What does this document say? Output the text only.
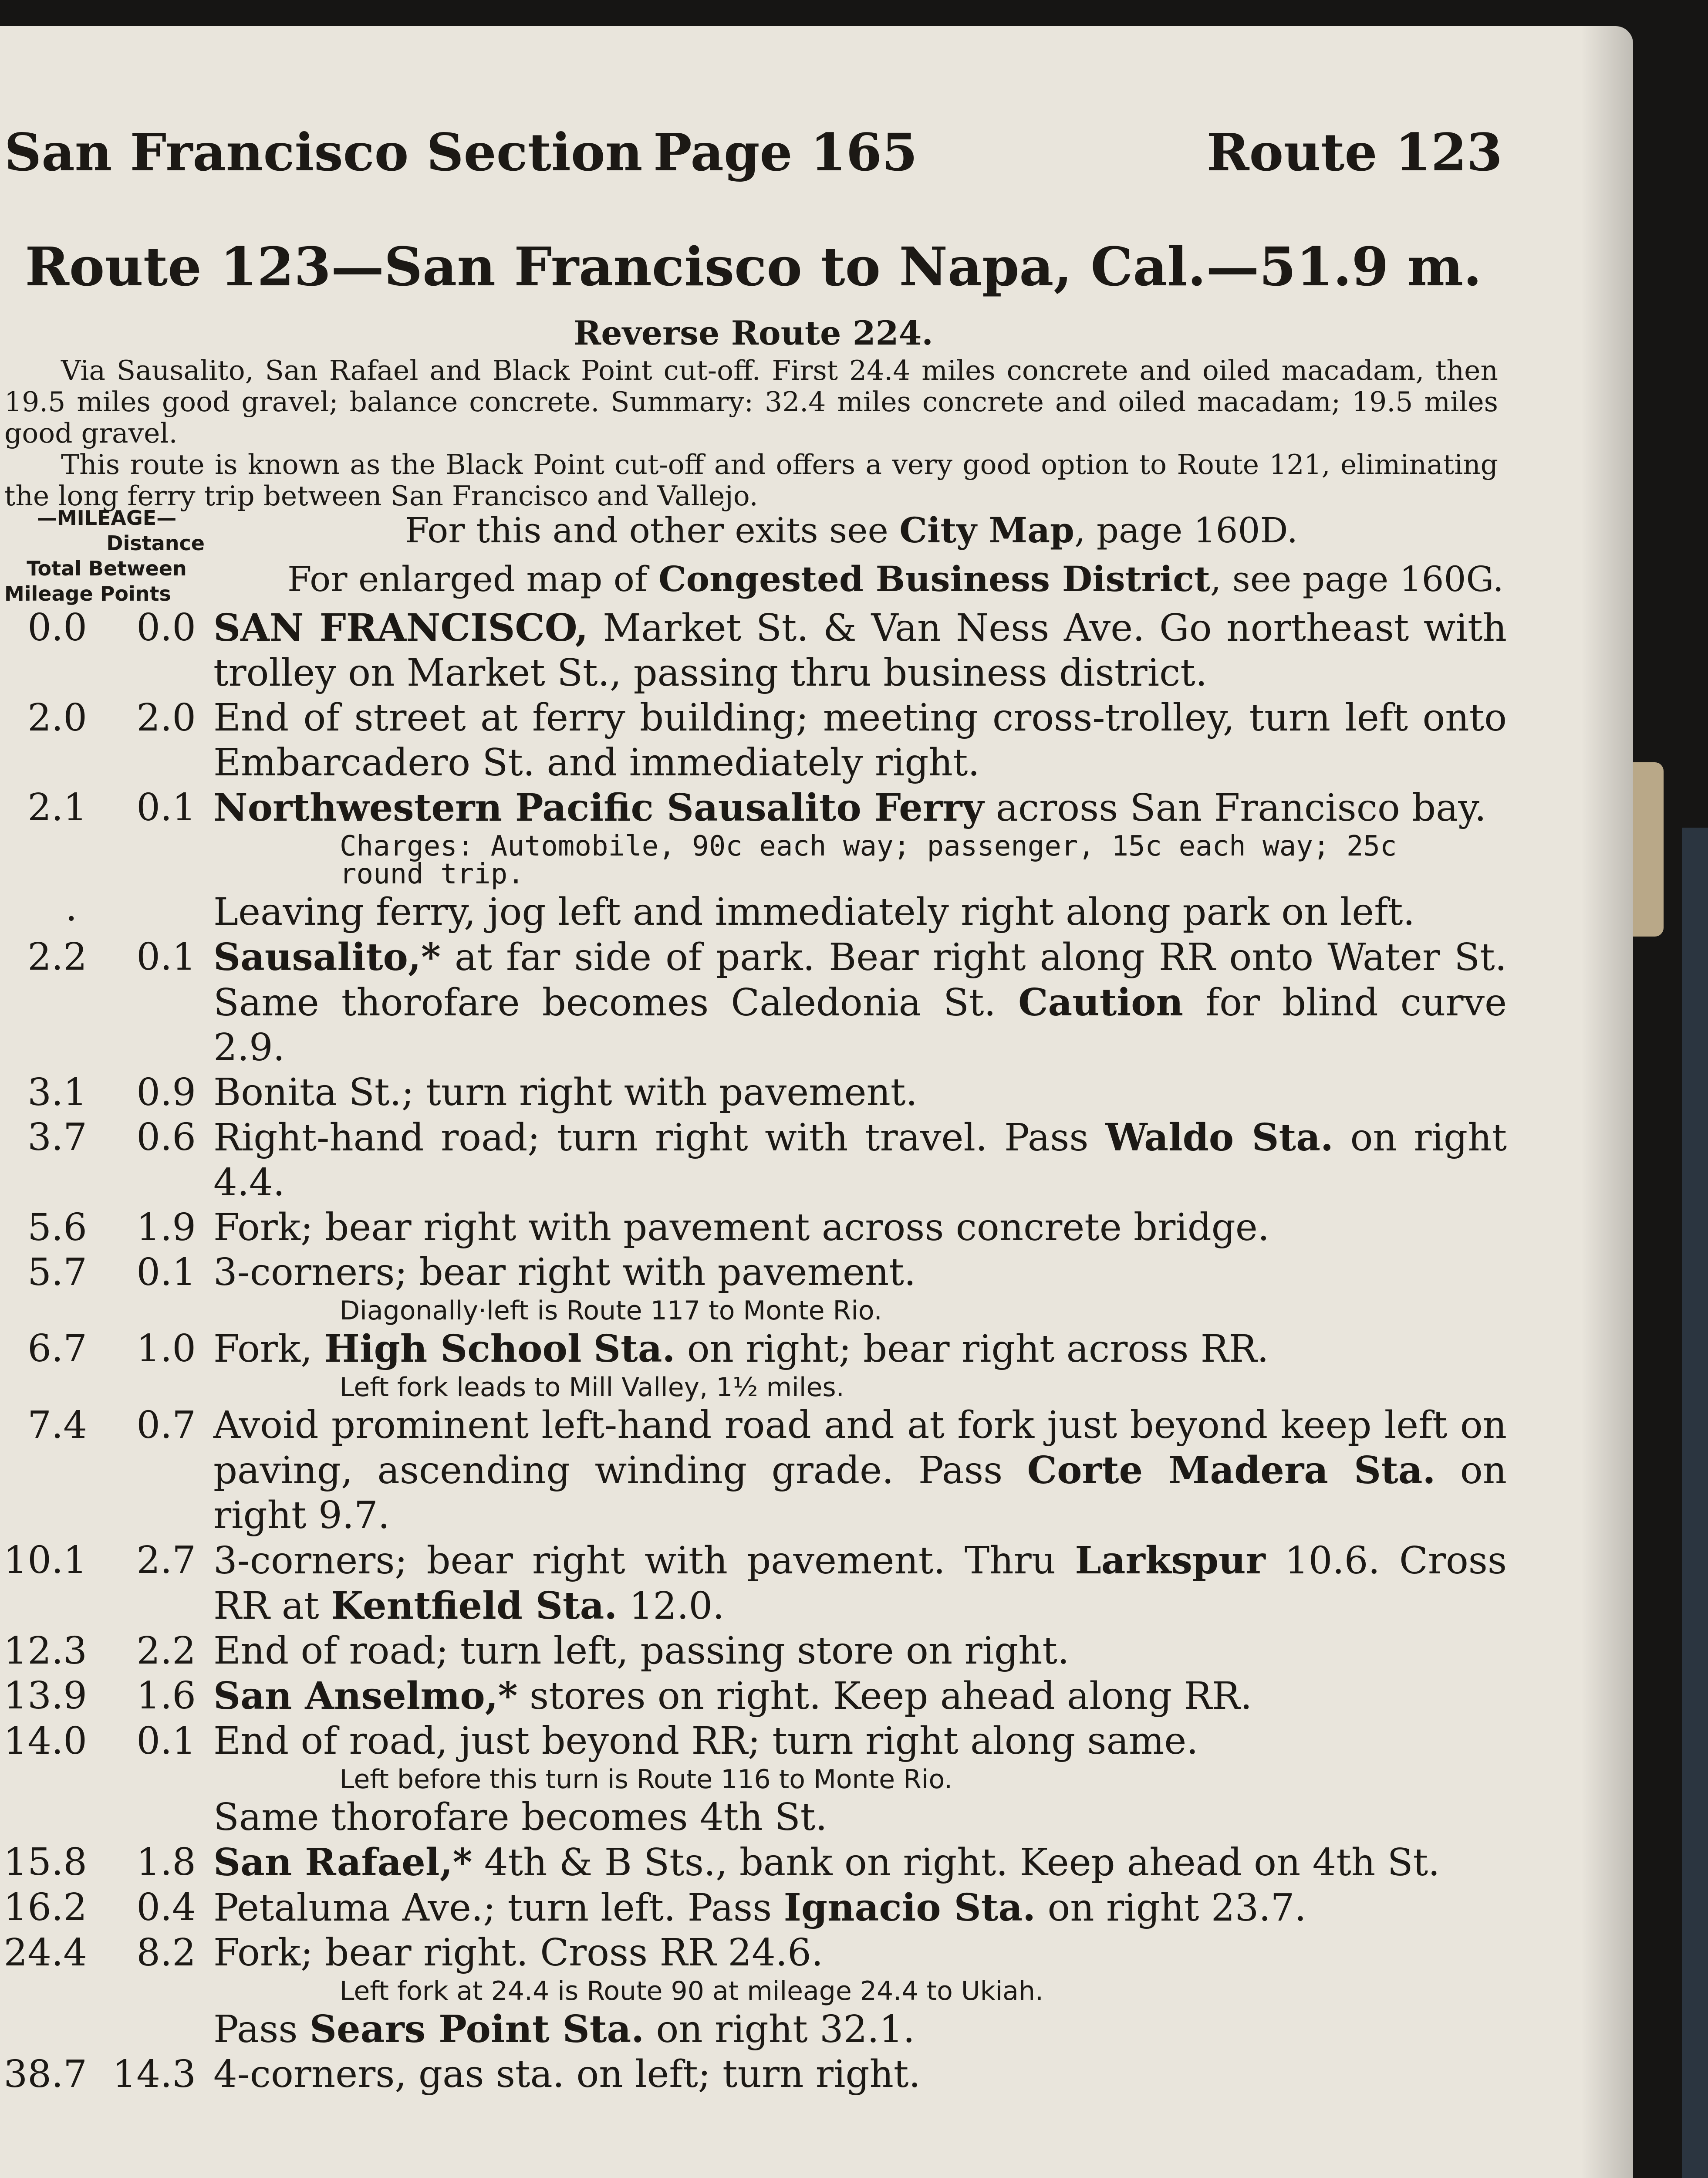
San Francisco Section Page 165	Route 123
Route 123—San Francisco to Napa, Cal.—51.9 m.
Reverse Route 224.

Via Sausalito, San Rafael and Black Point cut-off. First 24.4 miles concrete and oiled macadam, then 19.5 miles good gravel; balance concrete. Summary: 32.4 miles concrete and oiled macadam; 19.5 miles good gravel.

This route is known as the Black Point cut-off and offers a very good option to Route 121, eliminating the long ferry trip between San Francisco and Vallejo.

—MILEAGE—
Distance
Total Between
Mileage Points
For this and other exits see City Map, page 160D.
For enlarged map of Congested Business District, see page 160G.
0.0	0.0 SAN FRANCISCO, Market St. & Van Ness Ave. Go northeast with trolley on Market St., passing thru business district.
2.0	2.0 End of street at ferry building; meeting cross-trolley, turn left onto Embarcadero St. and immediately right.
2.1	0.1 Northwestern Pacific Sausalito Ferry across San Francisco bay.
Charges: Automobile, 90c each way; passenger, 15c each way; 25c round trip.
.	Leaving ferry, jog left and immediately right along park on left.
2.2	0.1 Sausalito,* at far side of park. Bear right along RR onto Water St. Same thorofare becomes Caledonia St. Caution for blind curve 2.9.
3.1	0.9 Bonita St.; turn right with pavement.
3.7	0.6 Right-hand road; turn right with travel. Pass Waldo Sta. on right 4.4.
5.6	1.9 Fork; bear right with pavement across concrete bridge.
5.7	0.1 3-corners; bear right with pavement.
Diagonally·left is Route 117 to Monte Rio.
6.7	1.0 Fork, High School Sta. on right; bear right across RR.
Left fork leads to Mill Valley, 1½ miles.
7.4	0.7 Avoid prominent left-hand road and at fork just beyond keep left on paving, ascending winding grade. Pass Corte Madera Sta. on right 9.7.
10.1	2.7 3-corners; bear right with pavement. Thru Larkspur 10.6. Cross RR at Kentfield Sta. 12.0.
12.3	2.2 End of road; turn left, passing store on right.
13.9	1.6 San Anselmo,* stores on right. Keep ahead along RR.
14.0	0.1 End of road, just beyond RR; turn right along same.
Left before this turn is Route 116 to Monte Rio.
Same thorofare becomes 4th St.
15.8	1.8 San Rafael,* 4th & B Sts., bank on right. Keep ahead on 4th St.
16.2	0.4 Petaluma Ave.; turn left. Pass Ignacio Sta. on right 23.7.
24.4	8.2 Fork; bear right. Cross RR 24.6.
Left fork at 24.4 is Route 90 at mileage 24.4 to Ukiah.
Pass Sears Point Sta. on right 32.1.
38.7 14.3 4-corners, gas sta. on left; turn right.
